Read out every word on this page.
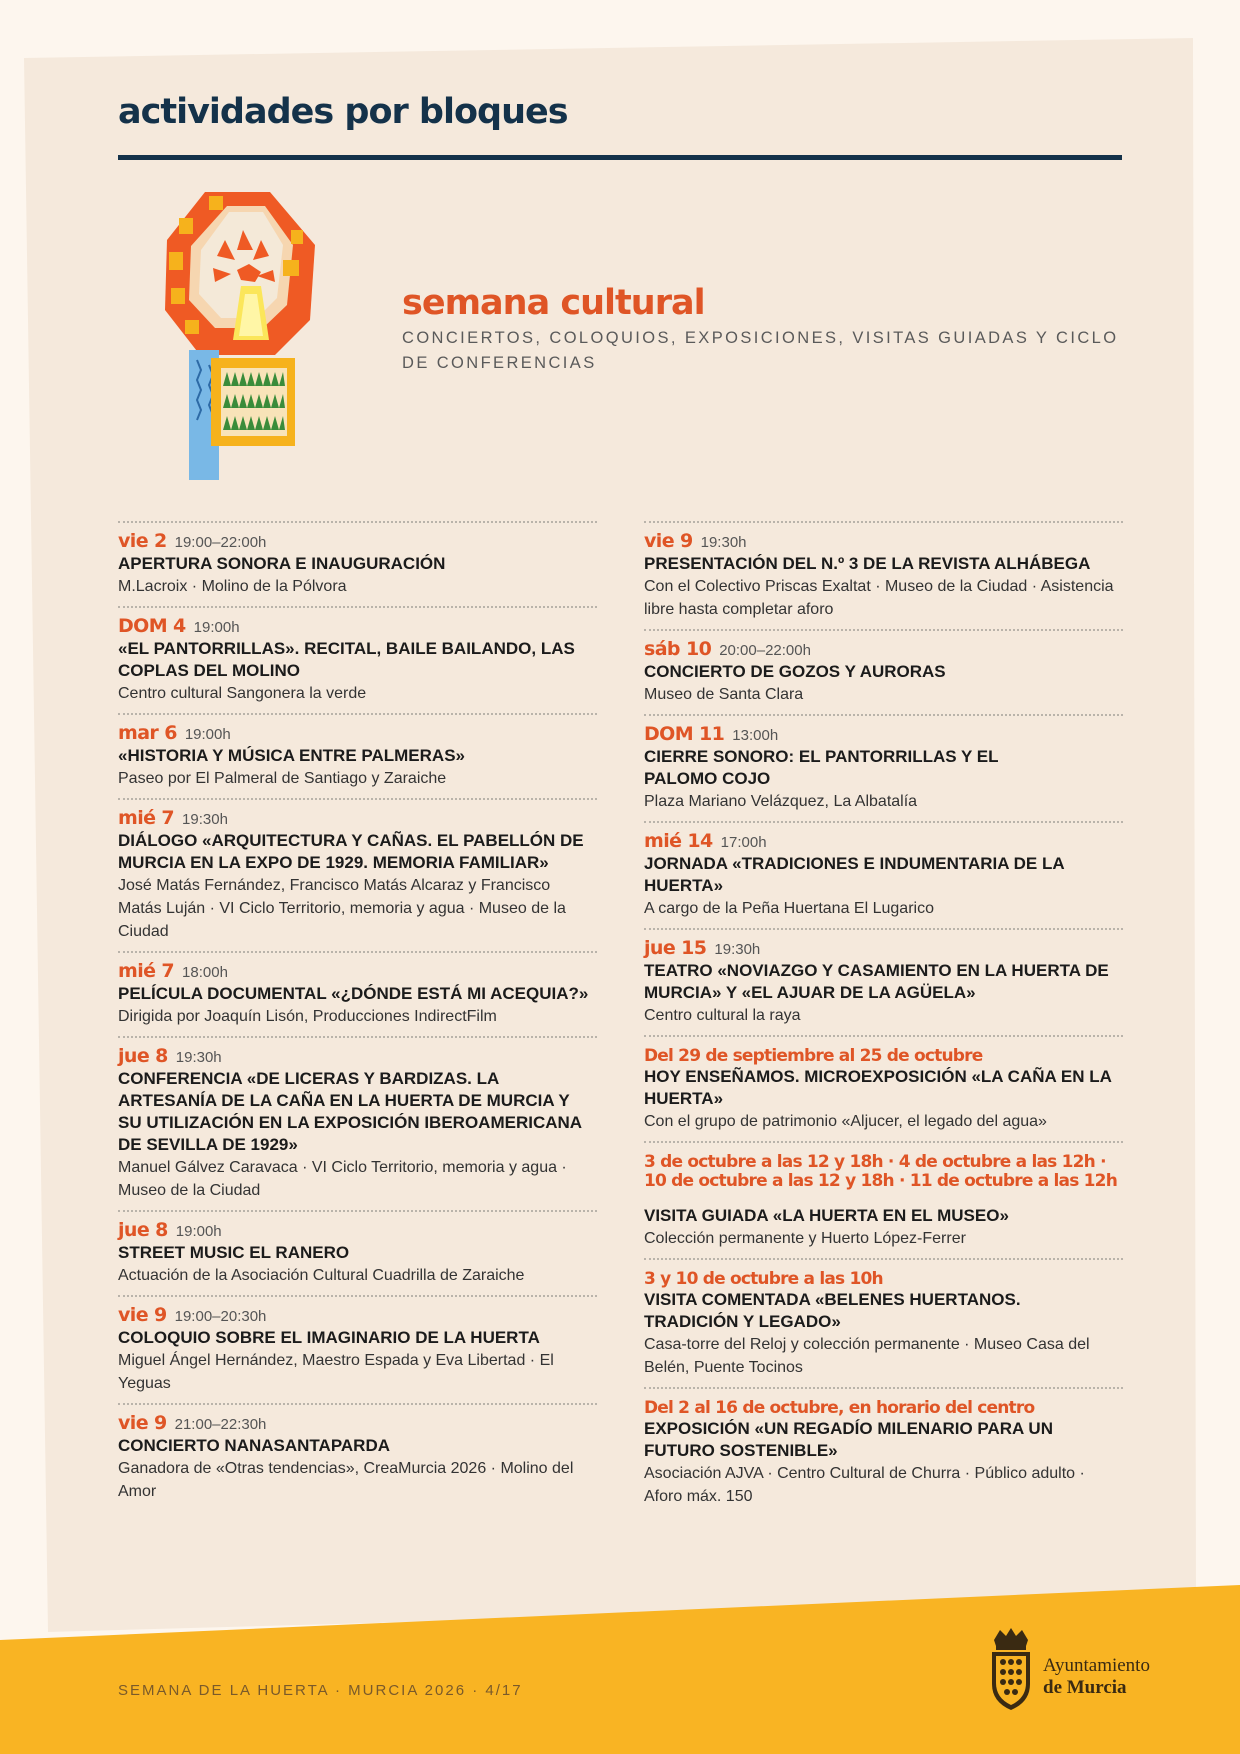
actividades por bloques
semana cultural

CONCIERTOS, COLOQUIOS, EXPOSICIONES, VISITAS GUIADAS Y CICLO DE CONFERENCIAS

vie 2 19:00–22:00h
APERTURA SONORA E INAUGURACIÓN
M.Lacroix · Molino de la Pólvora
DOM 4 19:00h
«EL PANTORRILLAS». RECITAL, BAILE BAILANDO, LAS COPLAS DEL MOLINO
Centro cultural Sangonera la verde
mar 6 19:00h
«HISTORIA Y MÚSICA ENTRE PALMERAS»
Paseo por El Palmeral de Santiago y Zaraiche
mié 7 19:30h
DIÁLOGO «ARQUITECTURA Y CAÑAS. EL PABELLÓN DE MURCIA EN LA EXPO DE 1929. MEMORIA FAMILIAR»
José Matás Fernández, Francisco Matás Alcaraz y Francisco Matás Luján · VI Ciclo Territorio, memoria y agua · Museo de la Ciudad
mié 7 18:00h
PELÍCULA DOCUMENTAL «¿DÓNDE ESTÁ MI ACEQUIA?»
Dirigida por Joaquín Lisón, Producciones IndirectFilm
jue 8 19:30h
CONFERENCIA «DE LICERAS Y BARDIZAS. LA ARTESANÍA DE LA CAÑA EN LA HUERTA DE MURCIA Y SU UTILIZACIÓN EN LA EXPOSICIÓN IBEROAMERICANA DE SEVILLA DE 1929»
Manuel Gálvez Caravaca · VI Ciclo Territorio, memoria y agua · Museo de la Ciudad
jue 8 19:00h
STREET MUSIC EL RANERO
Actuación de la Asociación Cultural Cuadrilla de Zaraiche
vie 9 19:00–20:30h
COLOQUIO SOBRE EL IMAGINARIO DE LA HUERTA
Miguel Ángel Hernández, Maestro Espada y Eva Libertad · El Yeguas
vie 9 21:00–22:30h
CONCIERTO NANASANTAPARDA
Ganadora de «Otras tendencias», CreaMurcia 2026 · Molino del Amor
vie 9 19:30h
PRESENTACIÓN DEL N.º 3 DE LA REVISTA ALHÁBEGA
Con el Colectivo Priscas Exaltat · Museo de la Ciudad · Asistencia libre hasta completar aforo
sáb 10 20:00–22:00h
CONCIERTO DE GOZOS Y AURORAS
Museo de Santa Clara
DOM 11 13:00h
CIERRE SONORO: EL PANTORRILLAS Y EL PALOMO COJO
Plaza Mariano Velázquez, La Albatalía
mié 14 17:00h
JORNADA «TRADICIONES E INDUMENTARIA DE LA HUERTA»
A cargo de la Peña Huertana El Lugarico
jue 15 19:30h
TEATRO «NOVIAZGO Y CASAMIENTO EN LA HUERTA DE MURCIA» Y «EL AJUAR DE LA AGÜELA»
Centro cultural la raya
Del 29 de septiembre al 25 de octubre
HOY ENSEÑAMOS. MICROEXPOSICIÓN «LA CAÑA EN LA HUERTA»
Con el grupo de patrimonio «Aljucer, el legado del agua»
3 de octubre a las 12 y 18h · 4 de octubre a las 12h · 10 de octubre a las 12 y 18h · 11 de octubre a las 12h
VISITA GUIADA «LA HUERTA EN EL MUSEO»
Colección permanente y Huerto López-Ferrer
3 y 10 de octubre a las 10h
VISITA COMENTADA «BELENES HUERTANOS. TRADICIÓN Y LEGADO»
Casa-torre del Reloj y colección permanente · Museo Casa del Belén, Puente Tocinos
Del 2 al 16 de octubre, en horario del centro
EXPOSICIÓN «UN REGADÍO MILENARIO PARA UN FUTURO SOSTENIBLE»
Asociación AJVA · Centro Cultural de Churra · Público adulto · Aforo máx. 150

SEMANA DE LA HUERTA · MURCIA 2026 · 4/17

Ayuntamiento
de Murcia
